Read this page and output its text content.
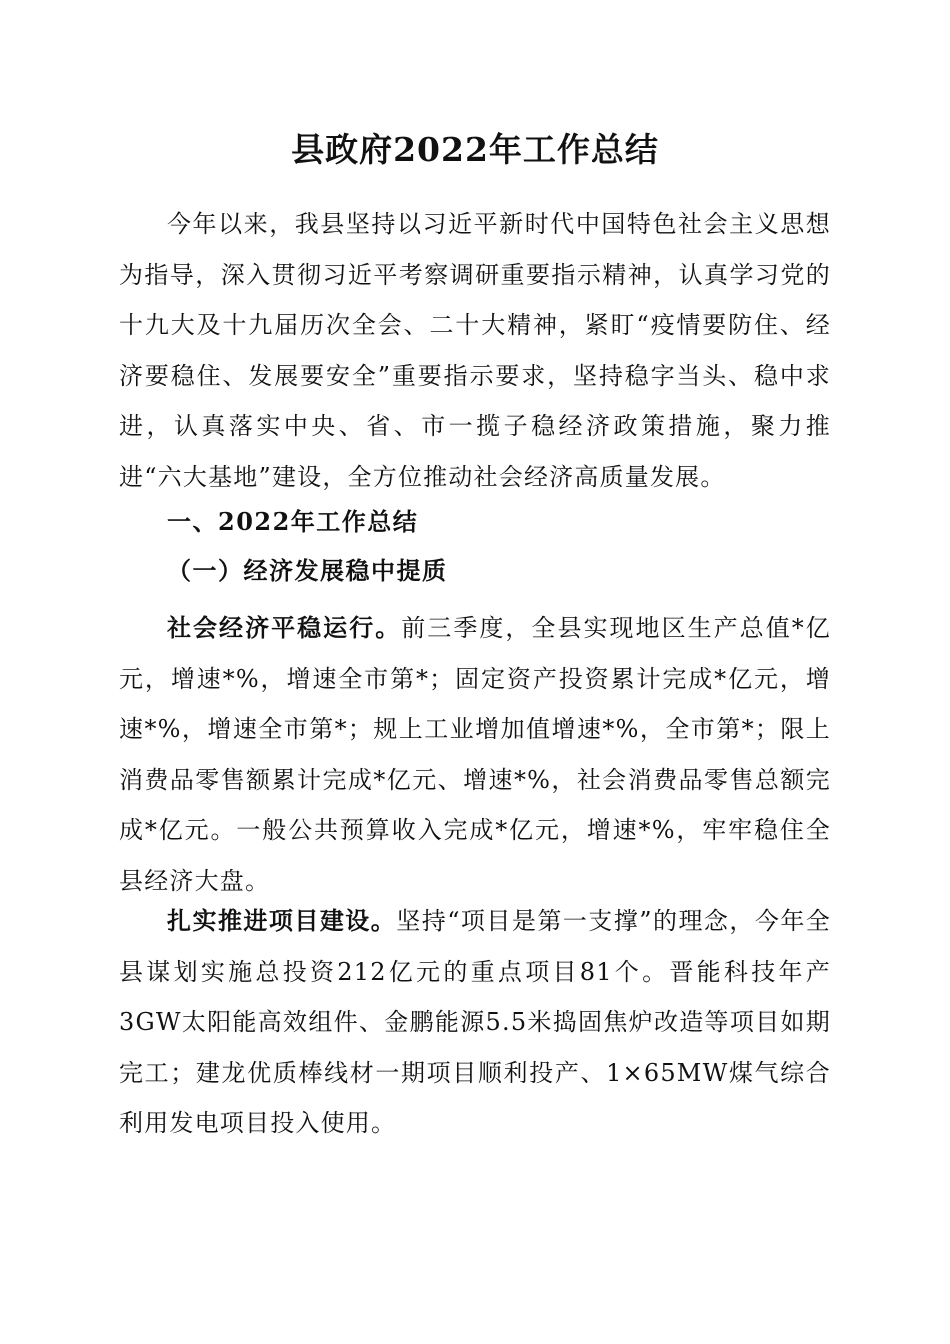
县政府2022年工作总结
今年以来，我县坚持以习近平新时代中国特色社会主义思想为指导，深入贯彻习近平考察调研重要指示精神，认真学习党的十九大及十九届历次全会、二十大精神，紧盯“疫情要防住、经济要稳住、发展要安全”重要指示要求，坚持稳字当头、稳中求进，认真落实中央、省、市一揽子稳经济政策措施，聚力推进“六大基地”建设，全方位推动社会经济高质量发展。
一、2022年工作总结
（一）经济发展稳中提质
社会经济平稳运行。前三季度，全县实现地区生产总值*亿元，增速*%，增速全市第*；固定资产投资累计完成*亿元，增速*%，增速全市第*；规上工业增加值增速*%，全市第*；限上消费品零售额累计完成*亿元、增速*%，社会消费品零售总额完成*亿元。一般公共预算收入完成*亿元，增速*%，牢牢稳住全县经济大盘。
扎实推进项目建设。坚持“项目是第一支撑”的理念，今年全县谋划实施总投资212亿元的重点项目81个。晋能科技年产3GW太阳能高效组件、金鹏能源5.5米捣固焦炉改造等项目如期完工；建龙优质棒线材一期项目顺利投产、1×65MW煤气综合利用发电项目投入使用。
